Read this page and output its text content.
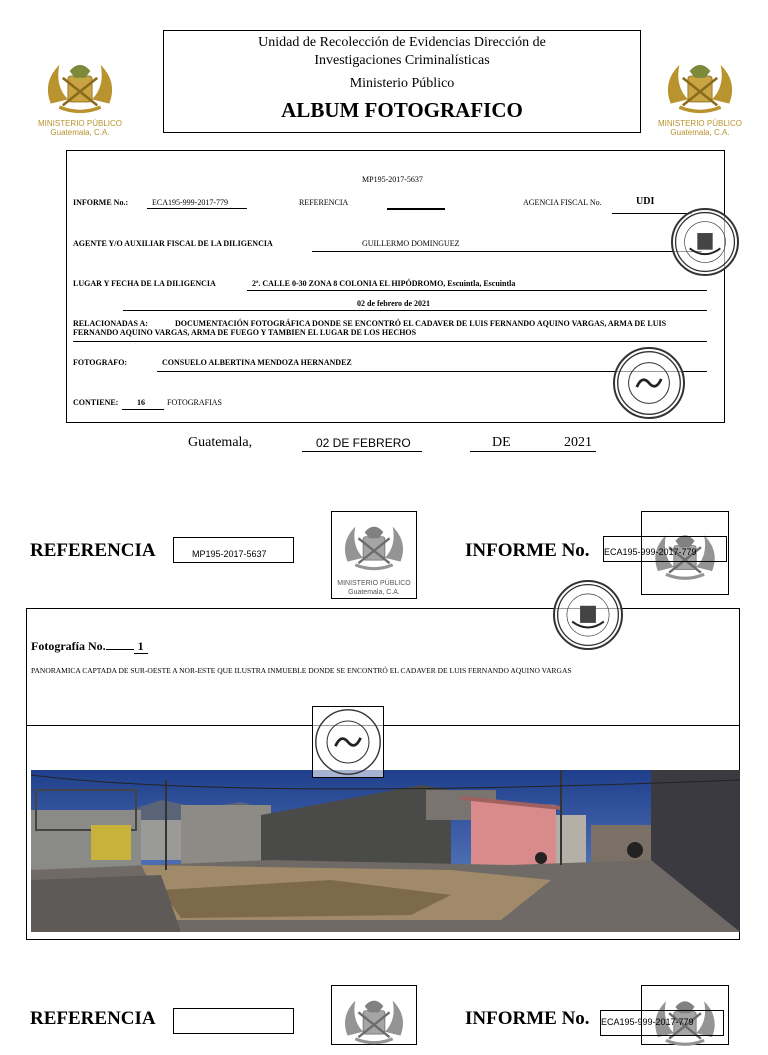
MINISTERIO PÚBLICO
Guatemala, C.A.
Unidad de Recolección de Evidencias Dirección de
Investigaciones Criminalísticas
Ministerio Público
ALBUM FOTOGRAFICO
MINISTERIO PÚBLICO
Guatemala, C.A.
MP195-2017-5637
INFORME No.:	ECA195-999-2017-779	REFERENCIA	AGENCIA FISCAL No.	UDI
AGENTE Y/O AUXILIAR FISCAL DE LA DILIGENCIA	GUILLERMO DOMINGUEZ
LUGAR Y FECHA DE LA DILIGENCIA	2ª. CALLE 0-30 ZONA 8 COLONIA EL HIPÓDROMO, Escuintla, Escuintla
02 de febrero de 2021
RELACIONADAS A:	DOCUMENTACIÓN FOTOGRÁFICA DONDE SE ENCONTRÓ EL CADAVER DE LUIS FERNANDO AQUINO VARGAS, ARMA DE LUIS
FERNANDO AQUINO VARGAS, ARMA DE FUEGO Y TAMBIEN EL LUGAR DE LOS HECHOS
FOTOGRAFO:	CONSUELO ALBERTINA MENDOZA HERNANDEZ
CONTIENE: 16	FOTOGRAFIAS
Guatemala,	02 DE FEBRERO	DE	2021
REFERENCIA	MP195-2017-5637
MINISTERIO PÚBLICO
Guatemala, C.A.
INFORME No. ECA195-999-2017-779
Fotografía No.	1
PANORAMICA CAPTADA DE SUR-OESTE A NOR-ESTE QUE ILUSTRA INMUEBLE DONDE SE ENCONTRÓ EL CADAVER DE LUIS FERNANDO AQUINO VARGAS
REFERENCIA	INFORME No. ECA195-999-2017-779
